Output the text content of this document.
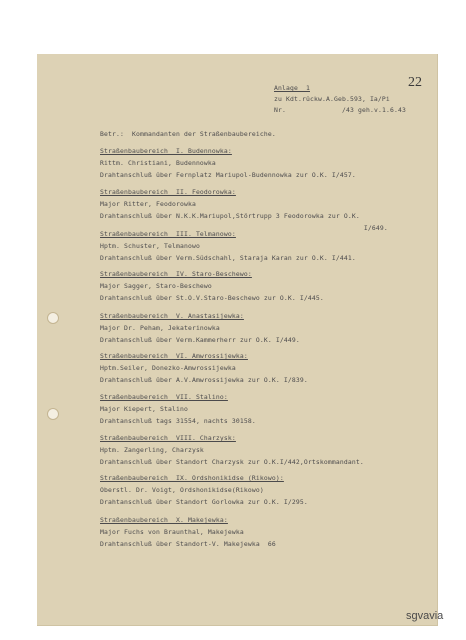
22
Anlage  1
zu Kdt.rückw.A.Geb.593, Ia/Pi
Nr.	/43 geh.v.1.6.43
Betr.:  Kommandanten der Straßenbaubereiche.
Straßenbaubereich  I. Budennowka:
Rittm. Christiani, Budennowka
Drahtanschluß über Fernplatz Mariupol-Budennowka zur O.K. I/457.
Straßenbaubereich  II. Feodorowka:
Major Ritter, Feodorowka
Drahtanschluß über N.K.K.Mariupol,Störtrupp 3 Feodorowka zur O.K.
I/649.
Straßenbaubereich  III. Telmanowo:
Hptm. Schuster, Telmanowo
Drahtanschluß über Verm.Südschahl, Staraja Karan zur O.K. I/441.
Straßenbaubereich  IV. Staro-Beschewo:
Major Sagger, Staro-Beschewo
Drahtanschluß über St.O.V.Staro-Beschewo zur O.K. I/445.
Straßenbaubereich  V. Anastasijewka:
Major Dr. Peham, Jekaterinowka
Drahtanschluß über Verm.Kammerherr zur O.K. I/449.
Straßenbaubereich  VI. Amwrossijewka:
Hptm.Seiler, Donezko-Amwrossijewka
Drahtanschluß über A.V.Amwrossijewka zur O.K. I/839.
Straßenbaubereich  VII. Stalino:
Major Kiepert, Stalino
Drahtanschluß tags 31554, nachts 30158.
Straßenbaubereich  VIII. Charzysk:
Hptm. Zangerling, Charzysk
Drahtanschluß über Standort Charzysk zur O.K.I/442,Ortskommandant.
Straßenbaubereich  IX. Ordshonikidse (Rikowo):
Oberstl. Dr. Voigt, Ordshonikidse(Rikowo)
Drahtanschluß über Standort Gorlowka zur O.K. I/295.
Straßenbaubereich  X. Makejewka:
Major Fuchs von Braunthal, Makejewka
Drahtanschluß über Standort-V. Makejewka  66
sgvavia
